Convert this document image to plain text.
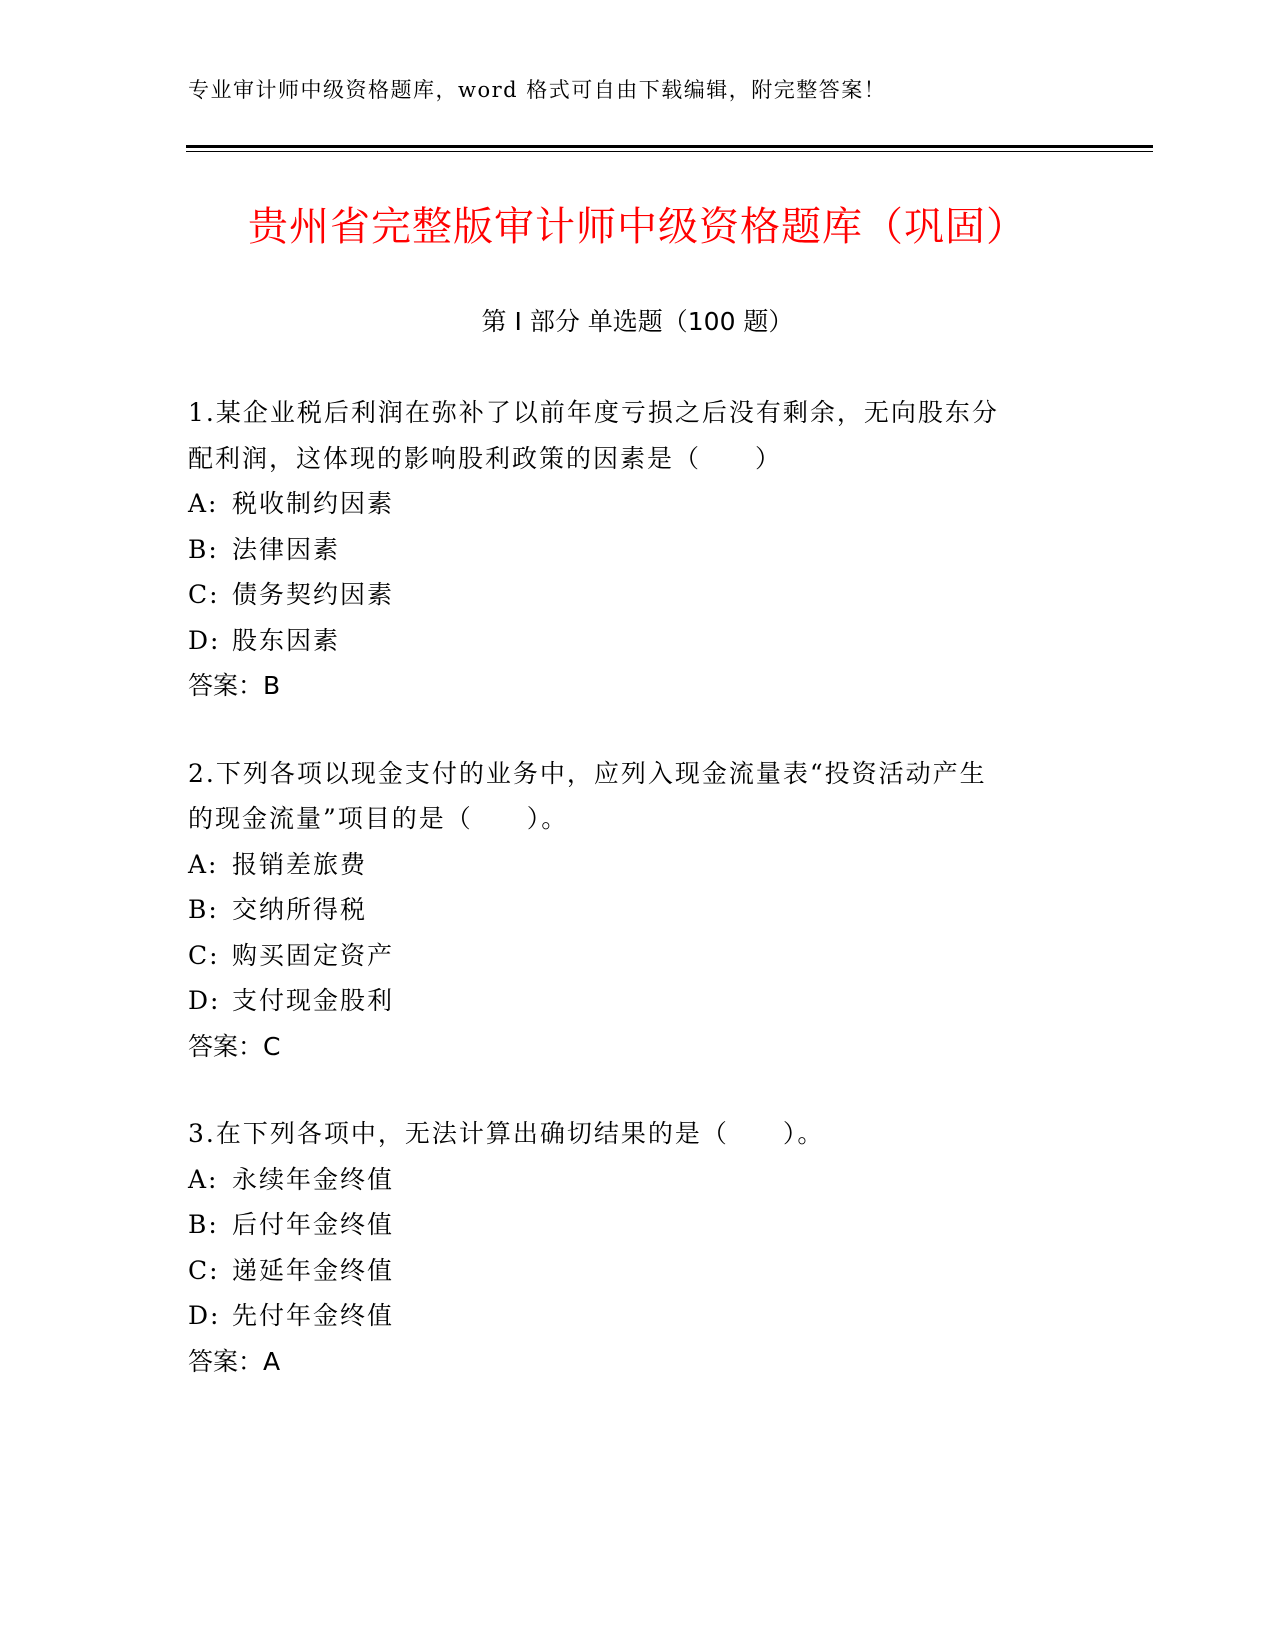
专业审计师中级资格题库，word 格式可自由下载编辑，附完整答案！
贵州省完整版审计师中级资格题库（巩固）
第 I 部分 单选题（100 题）
1.某企业税后利润在弥补了以前年度亏损之后没有剩余，无向股东分
配利润，这体现的影响股利政策的因素是（　　）
A: 税收制约因素
B: 法律因素
C: 债务契约因素
D: 股东因素
答案：B
2.下列各项以现金支付的业务中，应列入现金流量表“投资活动产生
的现金流量”项目的是（　　）。
A: 报销差旅费
B: 交纳所得税
C: 购买固定资产
D: 支付现金股利
答案：C
3.在下列各项中，无法计算出确切结果的是（　　）。
A: 永续年金终值
B: 后付年金终值
C: 递延年金终值
D: 先付年金终值
答案：A
